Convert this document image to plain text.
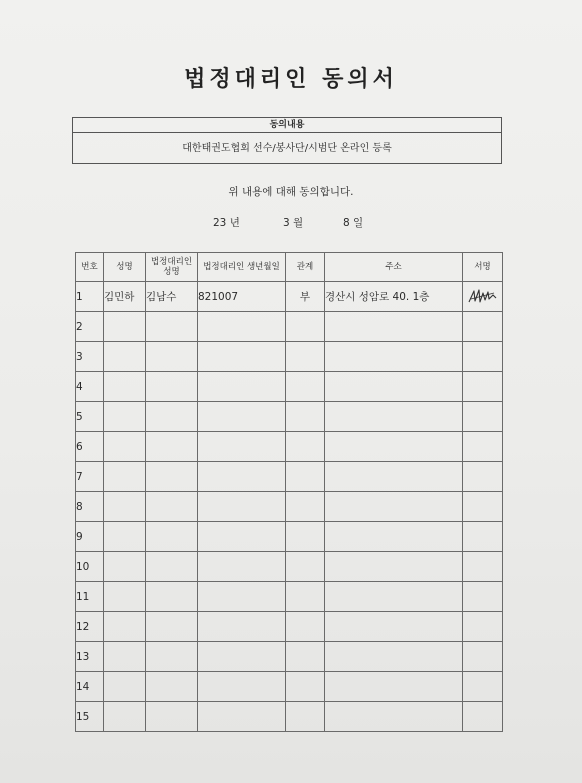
법정대리인 동의서
동의내용
대한태권도협회 선수/봉사단/시범단 온라인 등록
위 내용에 대해 동의합니다.
23 년	3 월	8 일
번호	성명	법정대리인 성명	법정대리인 생년월일	관계	주소	서명
1	김민하	김남수	821007	부	경산시 성암로 40. 1층	

2						
3						
4						
5						
6						
7						
8						
9						
10						
11						
12						
13						
14						
15						
